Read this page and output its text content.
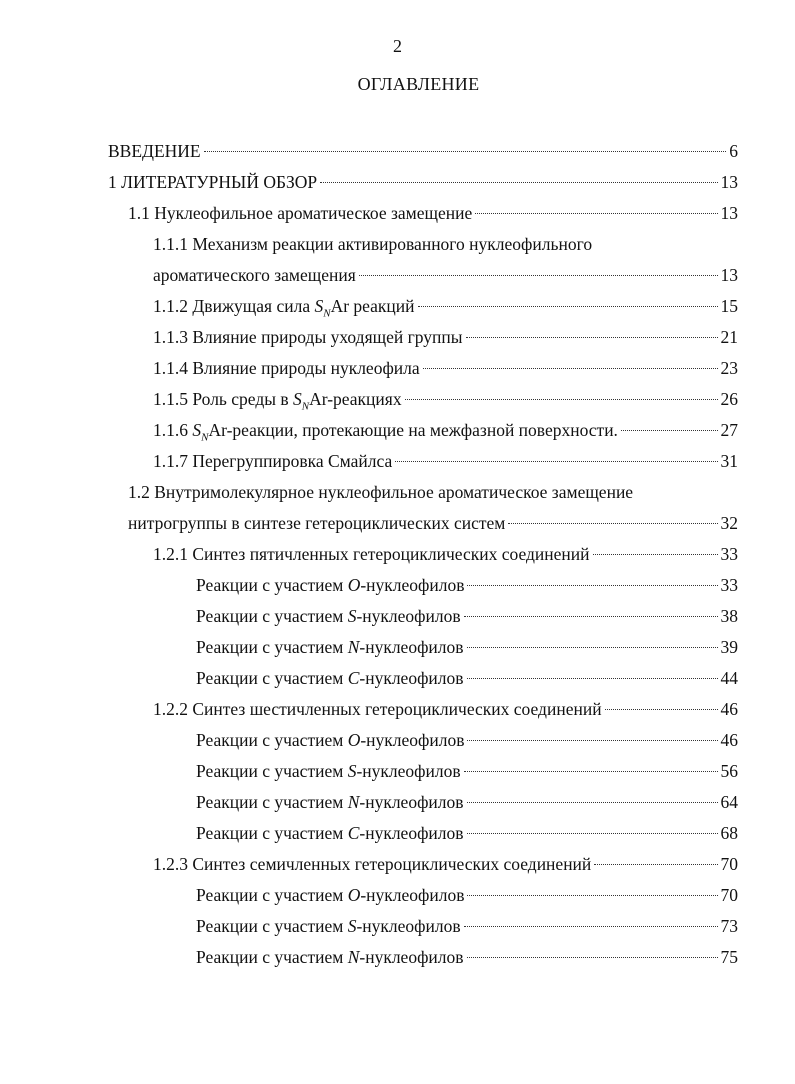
2
ОГЛАВЛЕНИЕ
ВВЕДЕНИЕ	6
1 ЛИТЕРАТУРНЫЙ ОБЗОР	13
1.1 Нуклеофильное ароматическое замещение	13
1.1.1 Механизм реакции активированного нуклеофильного
ароматического замещения	13
1.1.2 Движущая сила $S_NAr$ реакций	15
1.1.3 Влияние природы уходящей группы	21
1.1.4 Влияние природы нуклеофила	23
1.1.5 Роль среды в $S_NAr$-реакциях	26
1.1.6 $S_NAr$-реакции, протекающие на межфазной поверхности.	27
1.1.7 Перегруппировка Смайлса	31
1.2 Внутримолекулярное нуклеофильное ароматическое замещение
нитрогруппы в синтезе гетероциклических систем	32
1.2.1 Синтез пятичленных гетероциклических соединений	33
Реакции с участием O-нуклеофилов	33
Реакции с участием S-нуклеофилов	38
Реакции с участием N-нуклеофилов	39
Реакции с участием C-нуклеофилов	44
1.2.2 Синтез шестичленных гетероциклических соединений	46
Реакции с участием O-нуклеофилов	46
Реакции с участием S-нуклеофилов	56
Реакции с участием N-нуклеофилов	64
Реакции с участием C-нуклеофилов	68
1.2.3 Синтез семичленных гетероциклических соединений	70
Реакции с участием O-нуклеофилов	70
Реакции с участием S-нуклеофилов	73
Реакции с участием N-нуклеофилов	75
